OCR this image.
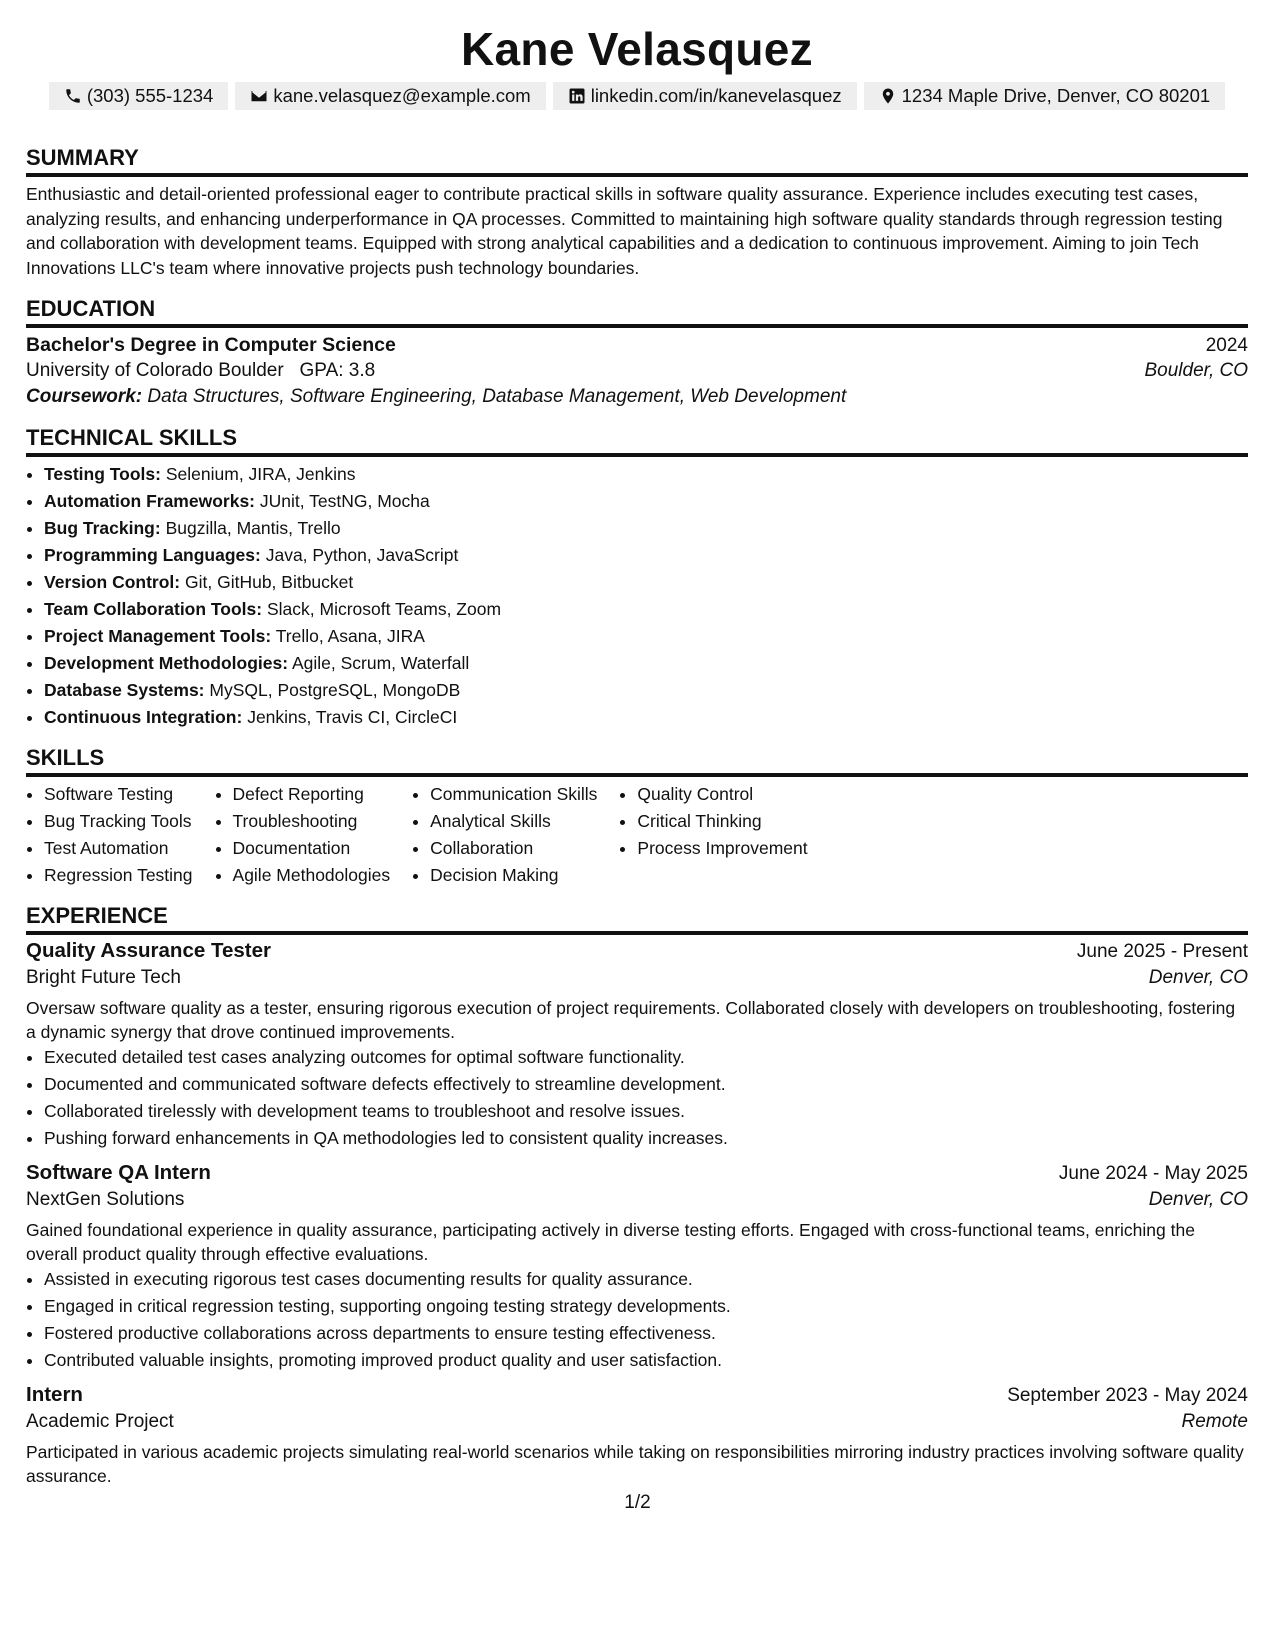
Kane Velasquez
(303) 555-1234	kane.velasquez@example.com	linkedin.com/in/kanevelasquez	1234 Maple Drive, Denver, CO 80201
SUMMARY

Enthusiastic and detail-oriented professional eager to contribute practical skills in software quality assurance. Experience includes executing test cases, analyzing results, and enhancing underperformance in QA processes. Committed to maintaining high software quality standards through regression testing and collaboration with development teams. Equipped with strong analytical capabilities and a dedication to continuous improvement. Aiming to join Tech Innovations LLC's team where innovative projects push technology boundaries.

EDUCATION
Bachelor's Degree in Computer Science	2024
University of Colorado Boulder GPA: 3.8	Boulder, CO
Coursework: Data Structures, Software Engineering, Database Management, Web Development
TECHNICAL SKILLS
• Testing Tools: Selenium, JIRA, Jenkins
• Automation Frameworks: JUnit, TestNG, Mocha
• Bug Tracking: Bugzilla, Mantis, Trello
• Programming Languages: Java, Python, JavaScript
• Version Control: Git, GitHub, Bitbucket
• Team Collaboration Tools: Slack, Microsoft Teams, Zoom
• Project Management Tools: Trello, Asana, JIRA
• Development Methodologies: Agile, Scrum, Waterfall
• Database Systems: MySQL, PostgreSQL, MongoDB
• Continuous Integration: Jenkins, Travis CI, CircleCI
SKILLS
• Software Testing
• Bug Tracking Tools
• Test Automation
• Regression Testing
• Defect Reporting
• Troubleshooting
• Documentation
• Agile Methodologies
• Communication Skills
• Analytical Skills
• Collaboration
• Decision Making
• Quality Control
• Critical Thinking
• Process Improvement
EXPERIENCE
Quality Assurance Tester	June 2025 - Present
Bright Future Tech	Denver, CO

Oversaw software quality as a tester, ensuring rigorous execution of project requirements. Collaborated closely with developers on troubleshooting, fostering a dynamic synergy that drove continued improvements.

• Executed detailed test cases analyzing outcomes for optimal software functionality.
• Documented and communicated software defects effectively to streamline development.
• Collaborated tirelessly with development teams to troubleshoot and resolve issues.
• Pushing forward enhancements in QA methodologies led to consistent quality increases.
Software QA Intern	June 2024 - May 2025
NextGen Solutions	Denver, CO

Gained foundational experience in quality assurance, participating actively in diverse testing efforts. Engaged with cross-functional teams, enriching the overall product quality through effective evaluations.

• Assisted in executing rigorous test cases documenting results for quality assurance.
• Engaged in critical regression testing, supporting ongoing testing strategy developments.
• Fostered productive collaborations across departments to ensure testing effectiveness.
• Contributed valuable insights, promoting improved product quality and user satisfaction.
Intern	September 2023 - May 2024
Academic Project	Remote

Participated in various academic projects simulating real-world scenarios while taking on responsibilities mirroring industry practices involving software quality assurance.

1/2
